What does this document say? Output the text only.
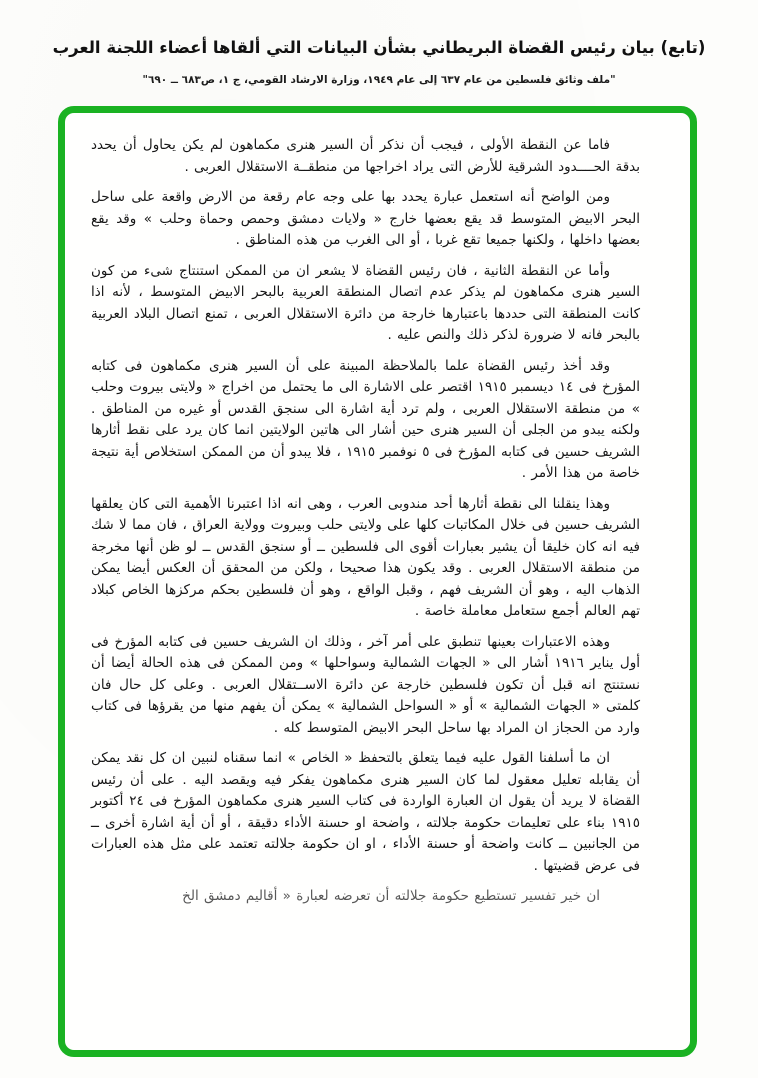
(تابع) بيان رئيس القضاة البريطاني بشأن البيانات التي ألقاها أعضاء اللجنة العرب
"ملف وثائق فلسطين من عام ٦٣٧ إلى عام ١٩٤٩، وزارة الارشاد القومي، ج ١، ص٦٨٣ ــ ٦٩٠"

فاما عن النقطة الأولى ، فيجب أن نذكر أن السير هنرى مكماهون لم يكن يحاول أن يحدد بدقة الحــــدود الشرقية للأرض التى يراد اخراجها من منطقــة الاستقلال العربى .

ومن الواضح أنه استعمل عبارة يحدد بها على وجه عام رقعة من الارض واقعة على ساحل البحر الابيض المتوسط قد يقع بعضها خارج « ولايات دمشق وحمص وحماة وحلب » وقد يقع بعضها داخلها ، ولكنها جميعا تقع غربا ، أو الى الغرب من هذه المناطق .

وأما عن النقطة الثانية ، فان رئيس القضاة لا يشعر ان من الممكن استنتاج شىء من كون السير هنرى مكماهون لم يذكر عدم اتصال المنطقة العربية بالبحر الابيض المتوسط ، لأنه اذا كانت المنطقة التى حددها باعتبارها خارجة من دائرة الاستقلال العربى ، تمنع اتصال البلاد العربية بالبحر فانه لا ضرورة لذكر ذلك والنص عليه .

وقد أخذ رئيس القضاة علما بالملاحظة المبينة على أن السير هنرى مكماهون فى كتابه المؤرخ فى ١٤ ديسمبر ١٩١٥ اقتصر على الاشارة الى ما يحتمل من اخراج « ولايتى بيروت وحلب » من منطقة الاستقلال العربى ، ولم ترد أية اشارة الى سنجق القدس أو غيره من المناطق . ولكنه يبدو من الجلى أن السير هنرى حين أشار الى هاتين الولايتين انما كان يرد على نقط أثارها الشريف حسين فى كتابه المؤرخ فى ٥ نوفمبر ١٩١٥ ، فلا يبدو أن من الممكن استخلاص أية نتيجة خاصة من هذا الأمر .

وهذا ينقلنا الى نقطة أثارها أحد مندوبى العرب ، وهى انه اذا اعتبرنا الأهمية التى كان يعلقها الشريف حسين فى خلال المكاتبات كلها على ولايتى حلب وبيروت وولاية العراق ، فان مما لا شك فيه انه كان خليقا أن يشير بعبارات أقوى الى فلسطين ــ أو سنجق القدس ــ لو ظن أنها مخرجة من منطقة الاستقلال العربى . وقد يكون هذا صحيحا ، ولكن من المحقق أن العكس أيضا يمكن الذهاب اليه ، وهو أن الشريف فهم ، وقبل الواقع ، وهو أن فلسطين بحكم مركزها الخاص كبلاد تهم العالم أجمع ستعامل معاملة خاصة .

وهذه الاعتبارات بعينها تنطبق على أمر آخر ، وذلك ان الشريف حسين فى كتابه المؤرخ فى أول يناير ١٩١٦ أشار الى « الجهات الشمالية وسواحلها » ومن الممكن فى هذه الحالة أيضا أن نستنتج انه قبل أن تكون فلسطين خارجة عن دائرة الاســتقلال العربى . وعلى كل حال فان كلمتى « الجهات الشمالية » أو « السواحل الشمالية » يمكن أن يفهم منها من يقرؤها فى كتاب وارد من الحجاز ان المراد بها ساحل البحر الابيض المتوسط كله .

ان ما أسلفنا القول عليه فيما يتعلق بالتحفظ « الخاص » انما سقناه لنبين ان كل نقد يمكن أن يقابله تعليل معقول لما كان السير هنرى مكماهون يفكر فيه ويقصد اليه . على أن رئيس القضاة لا يريد أن يقول ان العبارة الواردة فى كتاب السير هنرى مكماهون المؤرخ فى ٢٤ أكتوبر ١٩١٥ بناء على تعليمات حكومة جلالته ، واضحة او حسنة الأداء دقيقة ، أو أن أية اشارة أخرى ــ من الجانبين ــ كانت واضحة أو حسنة الأداء ، او ان حكومة جلالته تعتمد على مثل هذه العبارات فى عرض قضيتها .

ان خير تفسير تستطيع حكومة جلالته أن تعرضه لعبارة « أقاليم دمشق الخ
